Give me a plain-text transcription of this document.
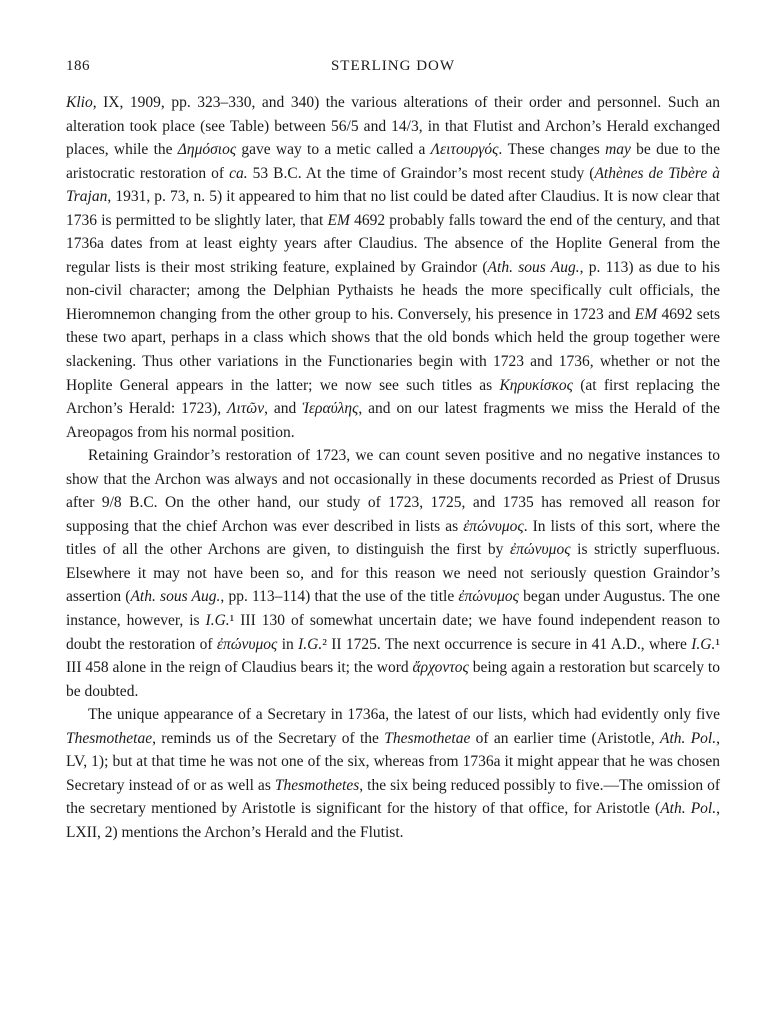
186	STERLING DOW

Klio, IX, 1909, pp. 323–330, and 340) the various alterations of their order and personnel. Such an alteration took place (see Table) between 56/5 and 14/3, in that Flutist and Archon’s Herald exchanged places, while the Δημόσιος gave way to a metic called a Λειτουργός. These changes may be due to the aristocratic restoration of ca. 53 B.C. At the time of Graindor’s most recent study (Athènes de Tibère à Trajan, 1931, p. 73, n. 5) it appeared to him that no list could be dated after Claudius. It is now clear that 1736 is permitted to be slightly later, that EM 4692 probably falls toward the end of the century, and that 1736a dates from at least eighty years after Claudius. The absence of the Hoplite General from the regular lists is their most striking feature, explained by Graindor (Ath. sous Aug., p. 113) as due to his non-civil character; among the Delphian Pythaists he heads the more specifically cult officials, the Hieromnemon changing from the other group to his. Conversely, his presence in 1723 and EM 4692 sets these two apart, perhaps in a class which shows that the old bonds which held the group together were slackening. Thus other variations in the Functionaries begin with 1723 and 1736, whether or not the Hoplite General appears in the latter; we now see such titles as Κηρυκίσκος (at first replacing the Archon’s Herald: 1723), Λιτῶν, and Ἱεραύλης, and on our latest fragments we miss the Herald of the Areopagos from his normal position.

Retaining Graindor’s restoration of 1723, we can count seven positive and no negative instances to show that the Archon was always and not occasionally in these documents recorded as Priest of Drusus after 9/8 B.C. On the other hand, our study of 1723, 1725, and 1735 has removed all reason for supposing that the chief Archon was ever described in lists as ἐπώνυμος. In lists of this sort, where the titles of all the other Archons are given, to distinguish the first by ἐπώνυμος is strictly superfluous. Elsewhere it may not have been so, and for this reason we need not seriously question Graindor’s assertion (Ath. sous Aug., pp. 113–114) that the use of the title ἐπώνυμος began under Augustus. The one instance, however, is I.G.¹ III 130 of somewhat uncertain date; we have found independent reason to doubt the restoration of ἐπώνυμος in I.G.² II 1725. The next occurrence is secure in 41 A.D., where I.G.¹ III 458 alone in the reign of Claudius bears it; the word ἄρχοντος being again a restoration but scarcely to be doubted.

The unique appearance of a Secretary in 1736a, the latest of our lists, which had evidently only five Thesmothetae, reminds us of the Secretary of the Thesmothetae of an earlier time (Aristotle, Ath. Pol., LV, 1); but at that time he was not one of the six, whereas from 1736a it might appear that he was chosen Secretary instead of or as well as Thesmothetes, the six being reduced possibly to five.—The omission of the secretary mentioned by Aristotle is significant for the history of that office, for Aristotle (Ath. Pol., LXII, 2) mentions the Archon’s Herald and the Flutist.
